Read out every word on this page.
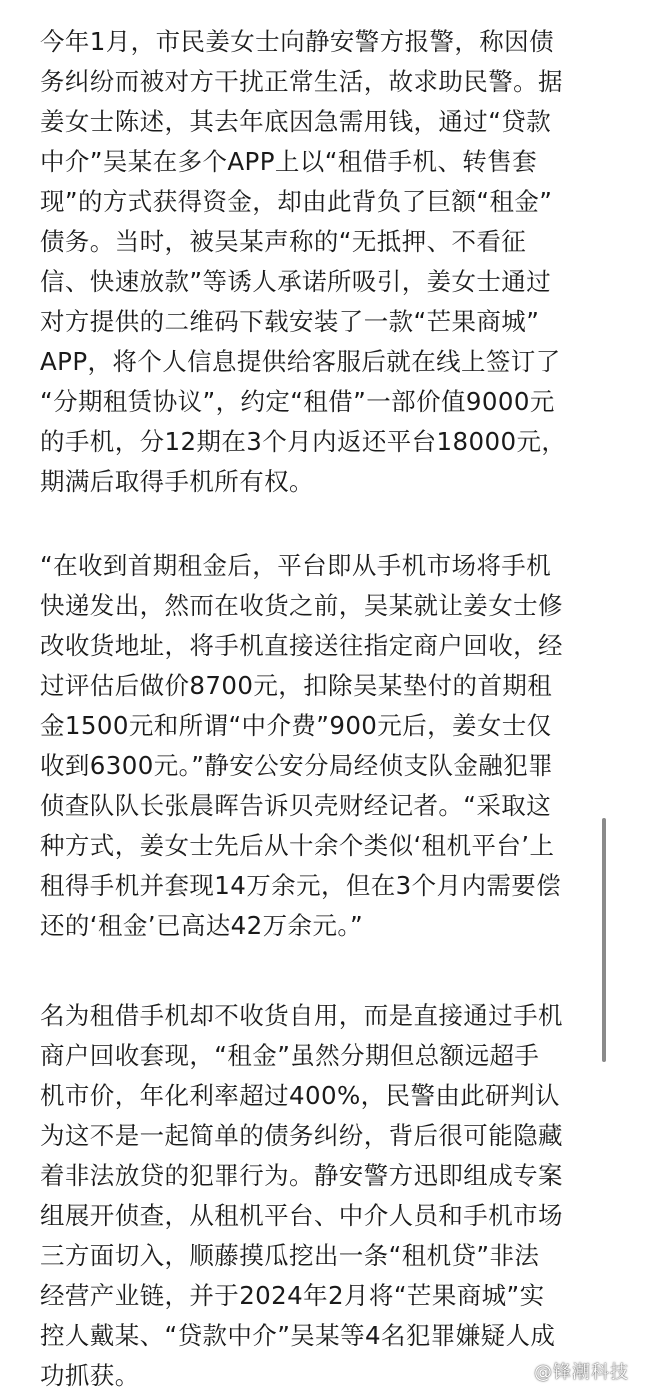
今年1月，市民姜女士向静安警方报警，称因债

务纠纷而被对方干扰正常生活，故求助民警。据

姜女士陈述，其去年底因急需用钱，通过“贷款

中介”吴某在多个APP上以“租借手机、转售套

现”的方式获得资金，却由此背负了巨额“租金”

债务。当时，被吴某声称的“无抵押、不看征

信、快速放款”等诱人承诺所吸引，姜女士通过

对方提供的二维码下载安装了一款“芒果商城”

APP，将个人信息提供给客服后就在线上签订了

“分期租赁协议”，约定“租借”一部价值9000元

的手机，分12期在3个月内返还平台18000元，

期满后取得手机所有权。

“在收到首期租金后，平台即从手机市场将手机

快递发出，然而在收货之前，吴某就让姜女士修

改收货地址，将手机直接送往指定商户回收，经

过评估后做价8700元，扣除吴某垫付的首期租

金1500元和所谓“中介费”900元后，姜女士仅

收到6300元。”静安公安分局经侦支队金融犯罪

侦查队队长张晨晖告诉贝壳财经记者。“采取这

种方式，姜女士先后从十余个类似‘租机平台’上

租得手机并套现14万余元，但在3个月内需要偿

还的‘租金’已高达42万余元。”

名为租借手机却不收货自用，而是直接通过手机

商户回收套现，“租金”虽然分期但总额远超手

机市价，年化利率超过400%，民警由此研判认

为这不是一起简单的债务纠纷，背后很可能隐藏

着非法放贷的犯罪行为。静安警方迅即组成专案

组展开侦查，从租机平台、中介人员和手机市场

三方面切入，顺藤摸瓜挖出一条“租机贷”非法

经营产业链，并于2024年2月将“芒果商城”实

控人戴某、“贷款中介”吴某等4名犯罪嫌疑人成

功抓获。	@锋潮科技
